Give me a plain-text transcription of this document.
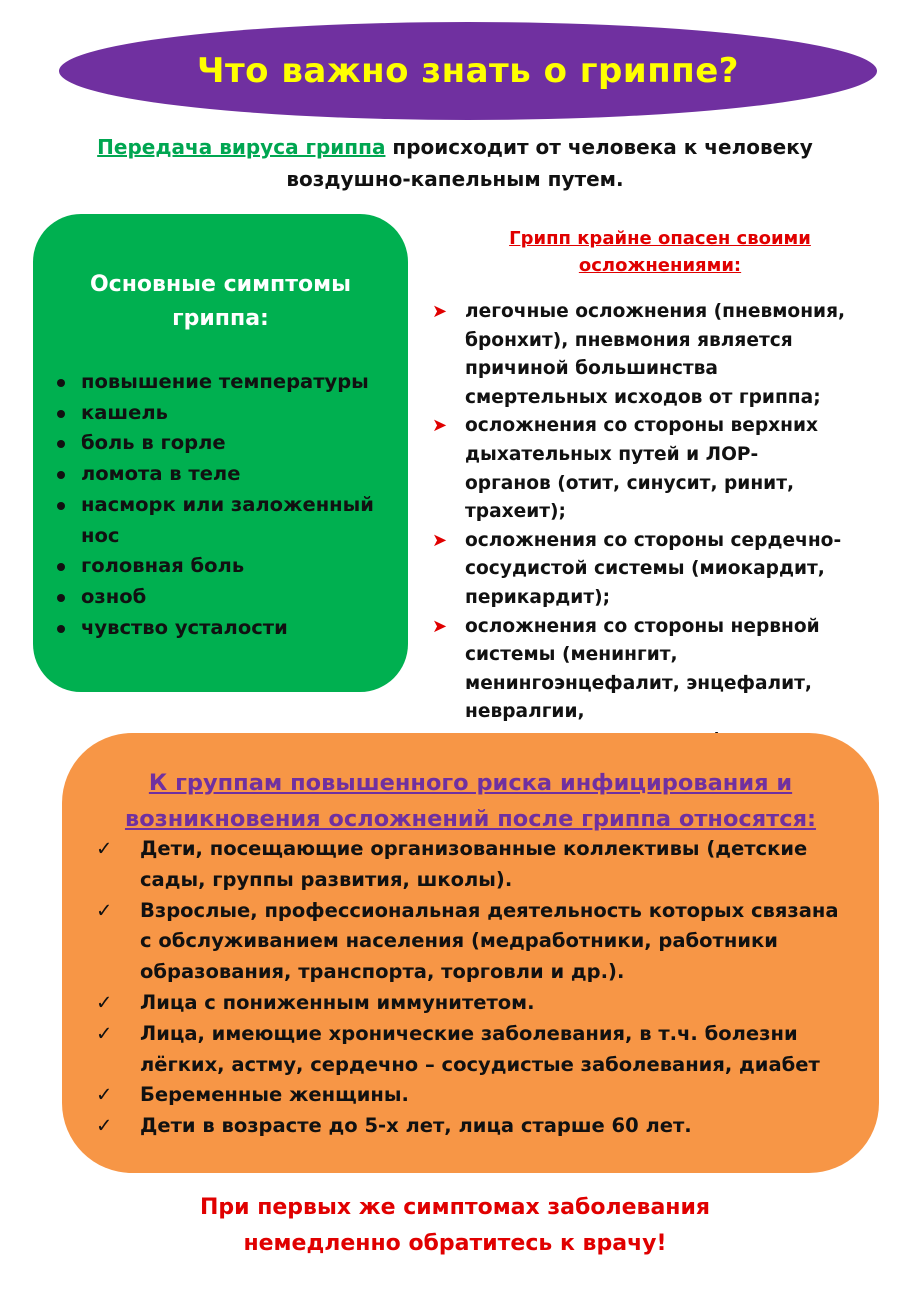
Что важно знать о гриппе?
Передача вируса гриппа происходит от человека к человеку
воздушно-капельным путем.
Основные симптомы
гриппа:
повышение температуры
кашель
боль в горле
ломота в теле
насморк или заложенный нос
головная боль
озноб
чувство усталости
Грипп крайне опасен своими
осложнениями:
➤ легочные осложнения (пневмония, бронхит), пневмония является причиной большинства смертельных исходов от гриппа;
➤ осложнения со стороны верхних дыхательных путей и ЛОР- органов (отит, синусит, ринит, трахеит);
➤ осложнения со стороны сердечно-сосудистой системы (миокардит, перикардит);
➤ осложнения со стороны нервной системы (менингит, менингоэнцефалит, энцефалит, невралгии,
К группам повышенного риска инфицирования и
возникновения осложнений после гриппа относятся:
✓ Дети, посещающие организованные коллективы (детские сады, группы развития, школы).
✓ Взрослые, профессиональная деятельность которых связана с обслуживанием населения (медработники, работники образования, транспорта, торговли и др.).
✓ Лица с пониженным иммунитетом.
✓ Лица, имеющие хронические заболевания, в т.ч. болезни лёгких, астму, сердечно – сосудистые заболевания, диабет
✓ Беременные женщины.
✓ Дети в возрасте до 5-х лет, лица старше 60 лет.
При первых же симптомах заболевания
немедленно обратитесь к врачу!
